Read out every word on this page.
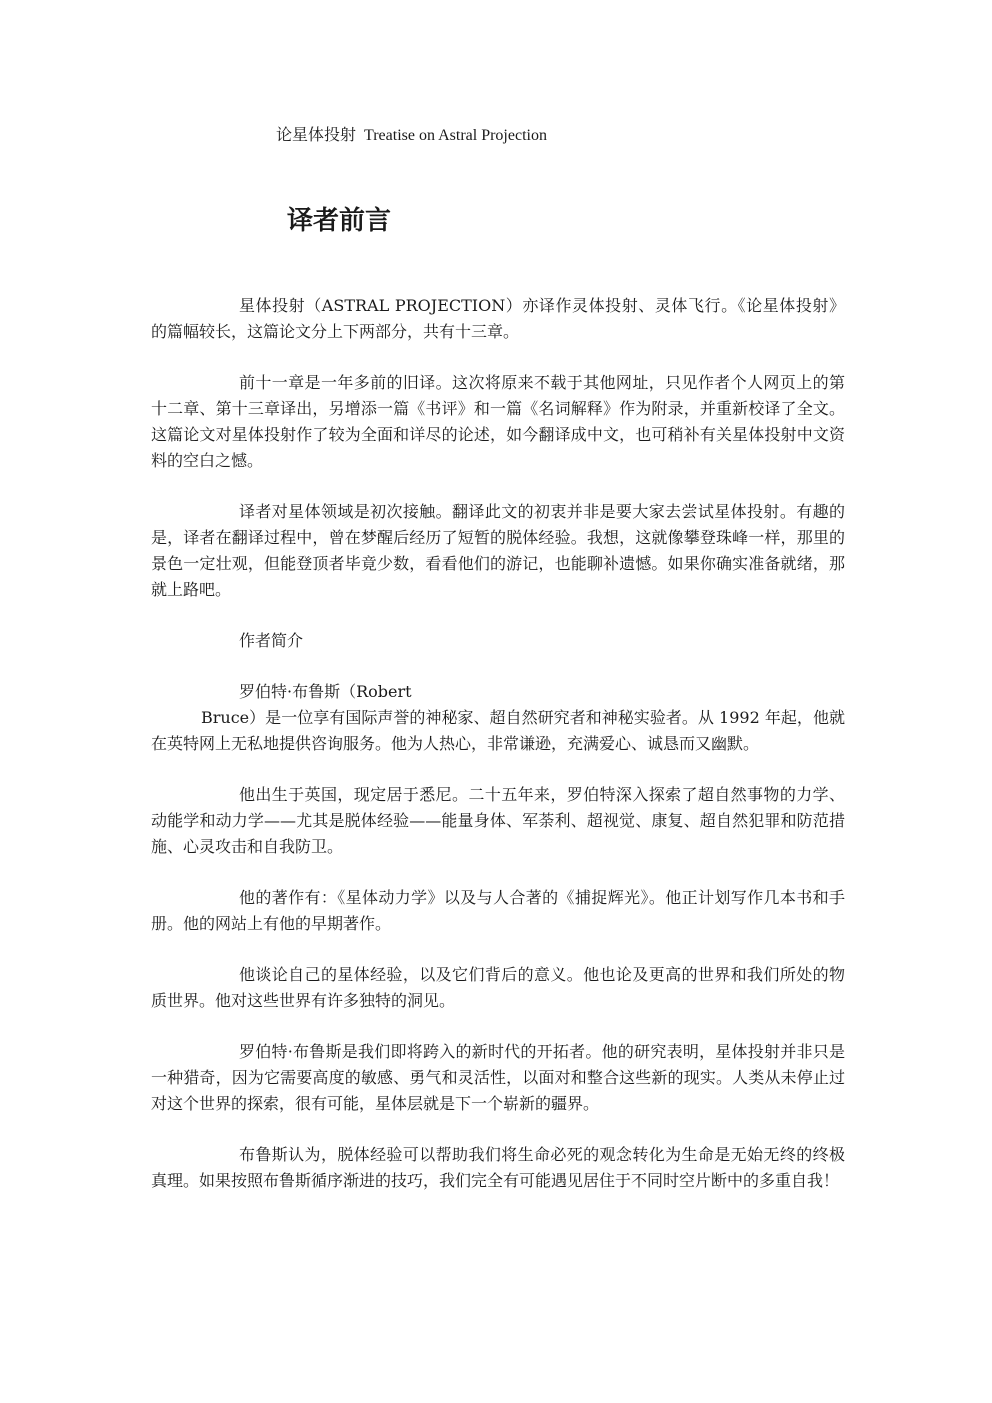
论星体投射 Treatise on Astral Projection
译者前言

星体投射（ASTRAL PROJECTION）亦译作灵体投射、灵体飞行。《论星体投射》的篇幅较长，这篇论文分上下两部分，共有十三章。

前十一章是一年多前的旧译。这次将原来不载于其他网址，只见作者个人网页上的第十二章、第十三章译出，另增添一篇《书评》和一篇《名词解释》作为附录，并重新校译了全文。这篇论文对星体投射作了较为全面和详尽的论述，如今翻译成中文，也可稍补有关星体投射中文资料的空白之憾。

译者对星体领域是初次接触。翻译此文的初衷并非是要大家去尝试星体投射。有趣的是，译者在翻译过程中，曾在梦醒后经历了短暂的脱体经验。我想，这就像攀登珠峰一样，那里的景色一定壮观，但能登顶者毕竟少数，看看他们的游记，也能聊补遗憾。如果你确实准备就绪，那就上路吧。

作者简介

罗伯特·布鲁斯（Robert
Bruce）是一位享有国际声誉的神秘家、超自然研究者和神秘实验者。从 1992 年起，他就在英特网上无私地提供咨询服务。他为人热心，非常谦逊，充满爱心、诚恳而又幽默。

他出生于英国，现定居于悉尼。二十五年来，罗伯特深入探索了超自然事物的力学、动能学和动力学——尤其是脱体经验——能量身体、军荼利、超视觉、康复、超自然犯罪和防范措施、心灵攻击和自我防卫。

他的著作有：《星体动力学》以及与人合著的《捕捉辉光》。他正计划写作几本书和手册。他的网站上有他的早期著作。

他谈论自己的星体经验，以及它们背后的意义。他也论及更高的世界和我们所处的物质世界。他对这些世界有许多独特的洞见。

罗伯特·布鲁斯是我们即将跨入的新时代的开拓者。他的研究表明，星体投射并非只是一种猎奇，因为它需要高度的敏感、勇气和灵活性，以面对和整合这些新的现实。人类从未停止过对这个世界的探索，很有可能，星体层就是下一个崭新的疆界。

布鲁斯认为，脱体经验可以帮助我们将生命必死的观念转化为生命是无始无终的终极真理。如果按照布鲁斯循序渐进的技巧，我们完全有可能遇见居住于不同时空片断中的多重自我！
